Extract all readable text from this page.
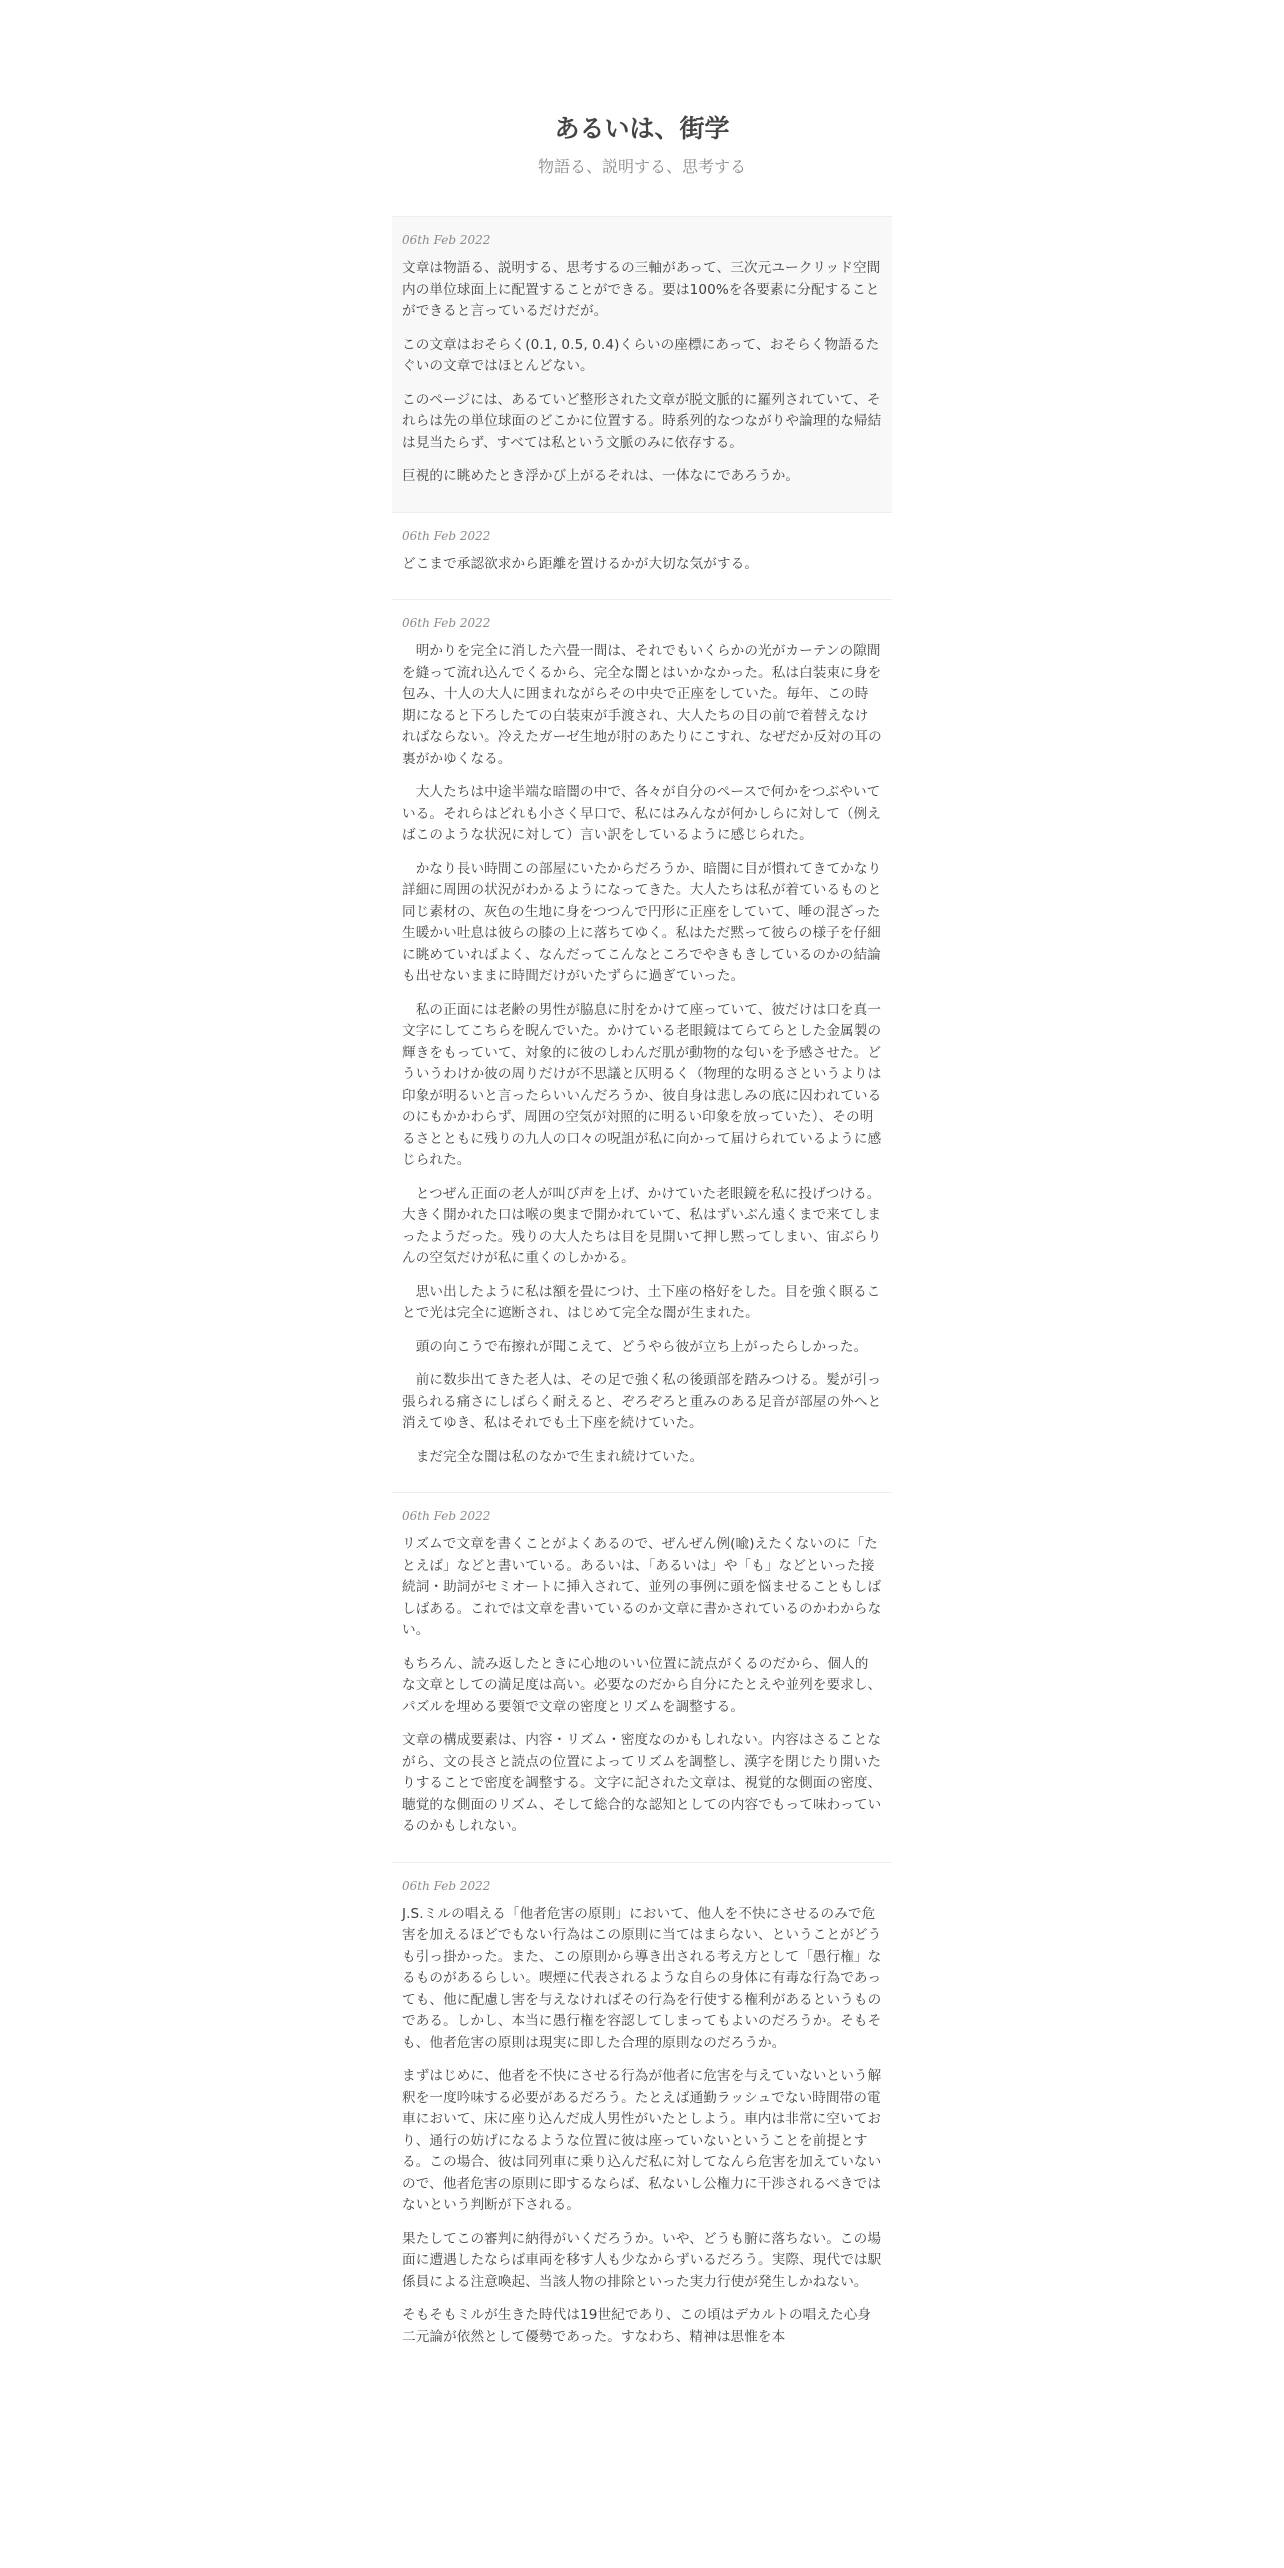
あるいは、街学
物語る、説明する、思考する
06th Feb 2022

文章は物語る、説明する、思考するの三軸があって、三次元ユークリッド空間内の単位球面上に配置することができる。要は100%を各要素に分配することができると言っているだけだが。

この文章はおそらく(0.1, 0.5, 0.4)くらいの座標にあって、おそらく物語るたぐいの文章ではほとんどない。

このページには、あるていど整形された文章が脱文脈的に羅列されていて、それらは先の単位球面のどこかに位置する。時系列的なつながりや論理的な帰結は見当たらず、すべては私という文脈のみに依存する。

巨視的に眺めたとき浮かび上がるそれは、一体なにであろうか。

06th Feb 2022

どこまで承認欲求から距離を置けるかが大切な気がする。

06th Feb 2022

　明かりを完全に消した六畳一間は、それでもいくらかの光がカーテンの隙間を縫って流れ込んでくるから、完全な闇とはいかなかった。私は白装束に身を包み、十人の大人に囲まれながらその中央で正座をしていた。毎年、この時期になると下ろしたての白装束が手渡され、大人たちの目の前で着替えなければならない。冷えたガーゼ生地が肘のあたりにこすれ、なぜだか反対の耳の裏がかゆくなる。

　大人たちは中途半端な暗闇の中で、各々が自分のペースで何かをつぶやいている。それらはどれも小さく早口で、私にはみんなが何かしらに対して（例えばこのような状況に対して）言い訳をしているように感じられた。

　かなり長い時間この部屋にいたからだろうか、暗闇に目が慣れてきてかなり詳細に周囲の状況がわかるようになってきた。大人たちは私が着ているものと同じ素材の、灰色の生地に身をつつんで円形に正座をしていて、唾の混ざった生暖かい吐息は彼らの膝の上に落ちてゆく。私はただ黙って彼らの様子を仔細に眺めていればよく、なんだってこんなところでやきもきしているのかの結論も出せないままに時間だけがいたずらに過ぎていった。

　私の正面には老齢の男性が脇息に肘をかけて座っていて、彼だけは口を真一文字にしてこちらを睨んでいた。かけている老眼鏡はてらてらとした金属製の輝きをもっていて、対象的に彼のしわんだ肌が動物的な匂いを予感させた。どういうわけか彼の周りだけが不思議と仄明るく（物理的な明るさというよりは印象が明るいと言ったらいいんだろうか、彼自身は悲しみの底に囚われているのにもかかわらず、周囲の空気が対照的に明るい印象を放っていた）、その明るさとともに残りの九人の口々の呪詛が私に向かって届けられているように感じられた。

　とつぜん正面の老人が叫び声を上げ、かけていた老眼鏡を私に投げつける。大きく開かれた口は喉の奥まで開かれていて、私はずいぶん遠くまで来てしまったようだった。残りの大人たちは目を見開いて押し黙ってしまい、宙ぶらりんの空気だけが私に重くのしかかる。

　思い出したように私は額を畳につけ、土下座の格好をした。目を強く瞑ることで光は完全に遮断され、はじめて完全な闇が生まれた。

　頭の向こうで布擦れが聞こえて、どうやら彼が立ち上がったらしかった。

　前に数歩出てきた老人は、その足で強く私の後頭部を踏みつける。髪が引っ張られる痛さにしばらく耐えると、ぞろぞろと重みのある足音が部屋の外へと消えてゆき、私はそれでも土下座を続けていた。

　まだ完全な闇は私のなかで生まれ続けていた。

06th Feb 2022

リズムで文章を書くことがよくあるので、ぜんぜん例(喩)えたくないのに「たとえば」などと書いている。あるいは、「あるいは」や「も」などといった接続詞・助詞がセミオートに挿入されて、並列の事例に頭を悩ませることもしばしばある。これでは文章を書いているのか文章に書かされているのかわからない。

もちろん、読み返したときに心地のいい位置に読点がくるのだから、個人的な文章としての満足度は高い。必要なのだから自分にたとえや並列を要求し、パズルを埋める要領で文章の密度とリズムを調整する。

文章の構成要素は、内容・リズム・密度なのかもしれない。内容はさることながら、文の長さと読点の位置によってリズムを調整し、漢字を閉じたり開いたりすることで密度を調整する。文字に記された文章は、視覚的な側面の密度、聴覚的な側面のリズム、そして総合的な認知としての内容でもって味わっているのかもしれない。

06th Feb 2022

J.S.ミルの唱える「他者危害の原則」において、他人を不快にさせるのみで危害を加えるほどでもない行為はこの原則に当てはまらない、ということがどうも引っ掛かった。また、この原則から導き出される考え方として「愚行権」なるものがあるらしい。喫煙に代表されるような自らの身体に有毒な行為であっても、他に配慮し害を与えなければその行為を行使する権利があるというものである。しかし、本当に愚行権を容認してしまってもよいのだろうか。そもそも、他者危害の原則は現実に即した合理的原則なのだろうか。

まずはじめに、他者を不快にさせる行為が他者に危害を与えていないという解釈を一度吟味する必要があるだろう。たとえば通勤ラッシュでない時間帯の電車において、床に座り込んだ成人男性がいたとしよう。車内は非常に空いており、通行の妨げになるような位置に彼は座っていないということを前提とする。この場合、彼は同列車に乗り込んだ私に対してなんら危害を加えていないので、他者危害の原則に即するならば、私ないし公権力に干渉されるべきではないという判断が下される。

果たしてこの審判に納得がいくだろうか。いや、どうも腑に落ちない。この場面に遭遇したならば車両を移す人も少なからずいるだろう。実際、現代では駅係員による注意喚起、当該人物の排除といった実力行使が発生しかねない。

そもそもミルが生きた時代は19世紀であり、この頃はデカルトの唱えた心身二元論が依然として優勢であった。すなわち、精神は思惟を本
